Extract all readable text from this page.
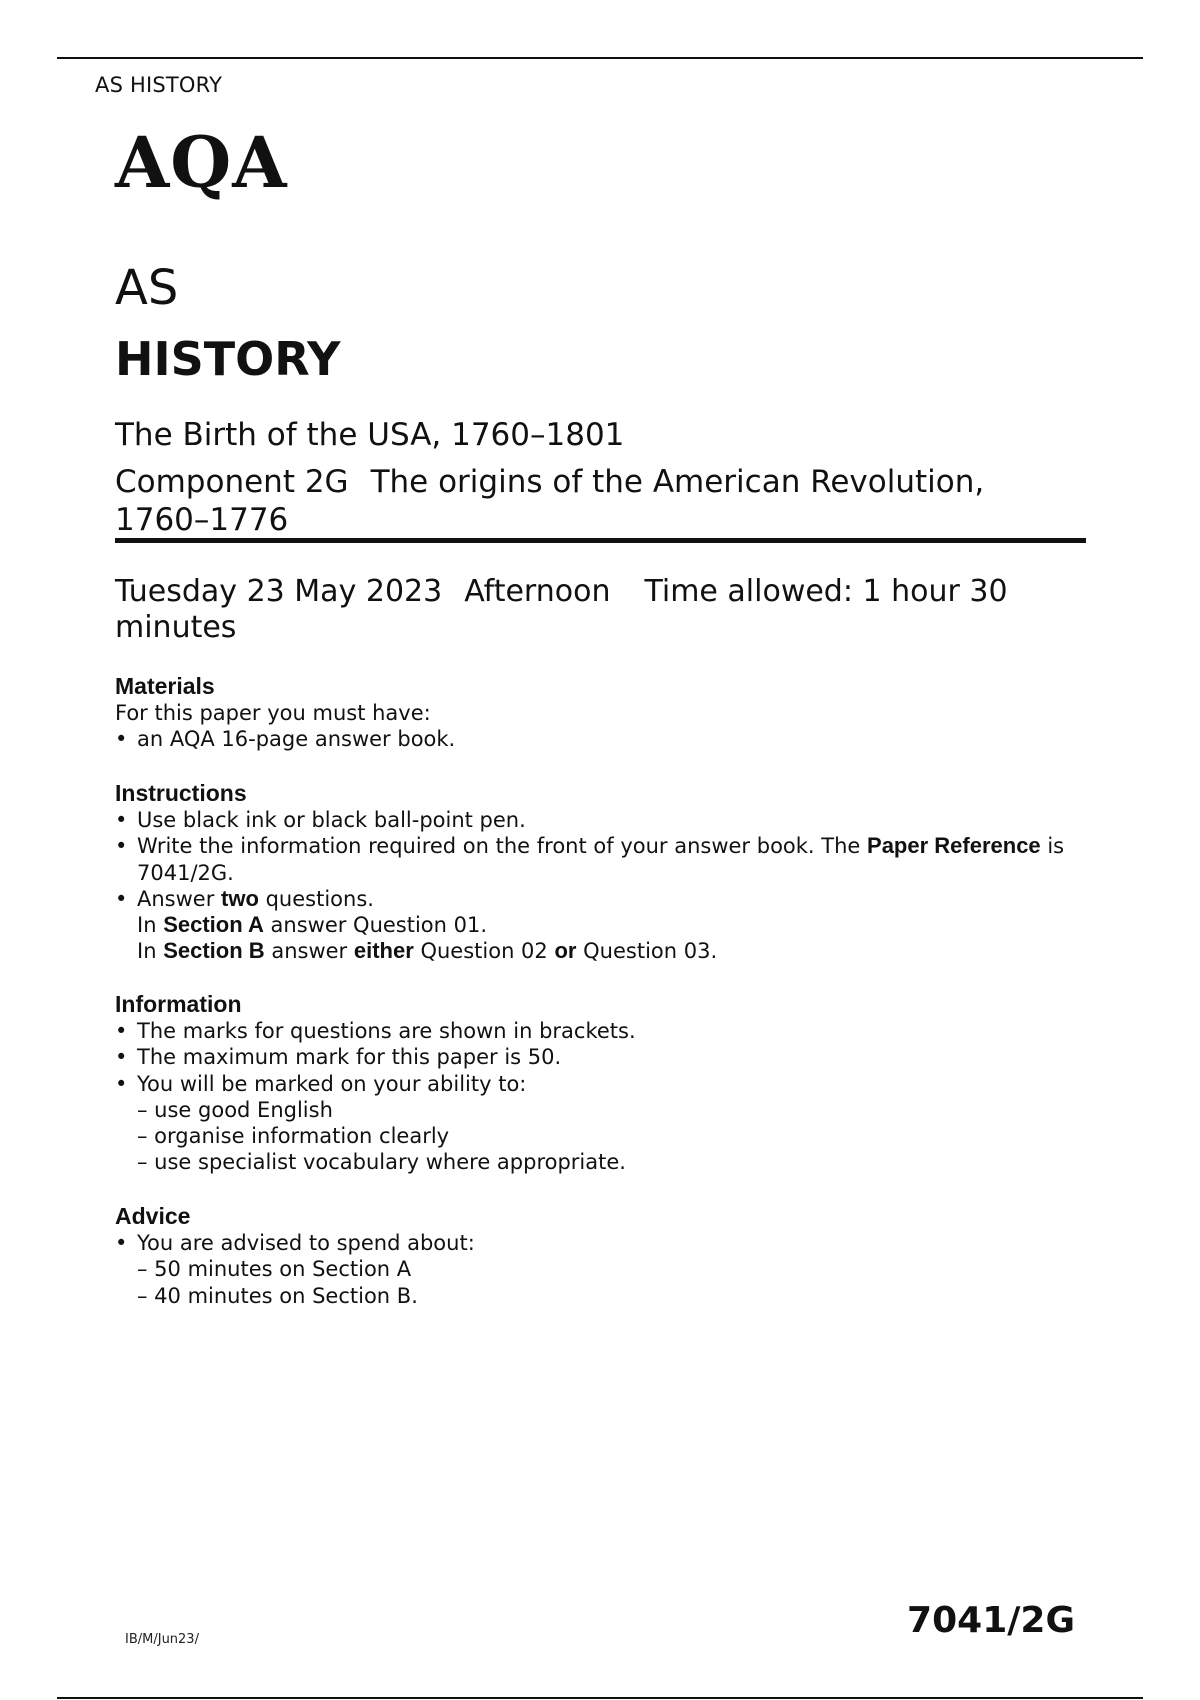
AS HISTORY
AQA
AS
HISTORY
The Birth of the USA, 1760–1801
Component 2G The origins of the American Revolution, 1760–1776
Tuesday 23 May 2023 Afternoon Time allowed: 1 hour 30 minutes
Materials

For this paper you must have:

• an AQA 16-page answer book.
Instructions
• Use black ink or black ball-point pen.
• Write the information required on the front of your answer book. The Paper Reference is 7041/2G.
• Answer two questions.
In Section A answer Question 01.
In Section B answer either Question 02 or Question 03.
Information
• The marks for questions are shown in brackets.
• The maximum mark for this paper is 50.
• You will be marked on your ability to:
– use good English
– organise information clearly
– use specialist vocabulary where appropriate.
Advice
• You are advised to spend about:
– 50 minutes on Section A
– 40 minutes on Section B.
IB/M/Jun23/	7041/2G
